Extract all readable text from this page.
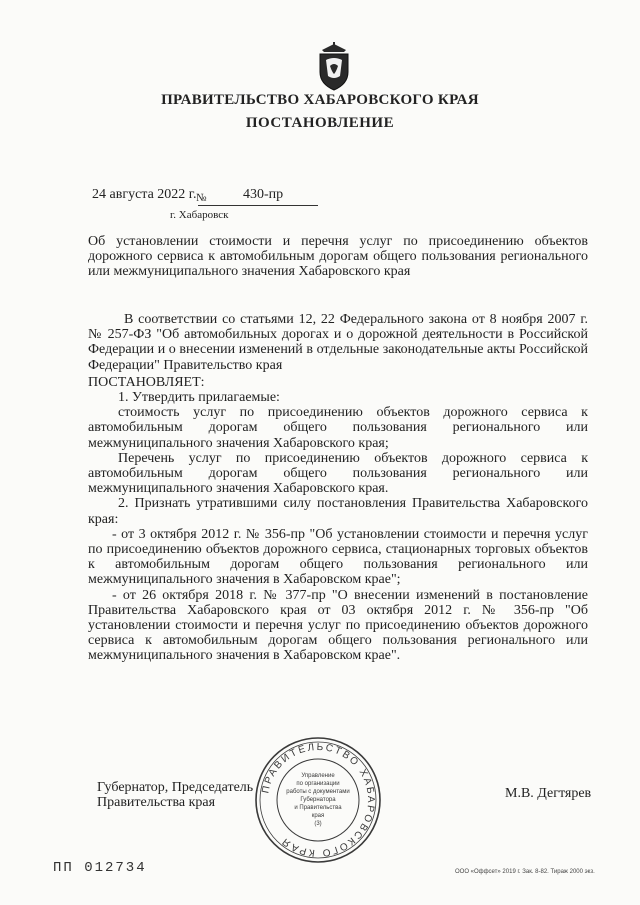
ПРАВИТЕЛЬСТВО ХАБАРОВСКОГО КРАЯ
ПОСТАНОВЛЕНИЕ
24 августа 2022 г. №	430-пр
г. Хабаровск
Об установлении стоимости и перечня услуг по присоединению объектов дорожного сервиса к автомобильным дорогам общего пользования регионального или межмуниципального значения Хабаровского края

В соответствии со статьями 12, 22 Федерального закона от 8 ноября 2007 г. № 257-ФЗ "Об автомобильных дорогах и о дорожной деятельности в Российской Федерации и о внесении изменений в отдельные законодательные акты Российской Федерации" Правительство края

ПОСТАНОВЛЯЕТ:

1. Утвердить прилагаемые:

стоимость услуг по присоединению объектов дорожного сервиса к автомобильным дорогам общего пользования регионального или межмуниципального значения Хабаровского края;

Перечень услуг по присоединению объектов дорожного сервиса к автомобильным дорогам общего пользования регионального или межмуниципального значения Хабаровского края.

2. Признать утратившими силу постановления Правительства Хабаровского края:

- от 3 октября 2012 г. № 356-пр "Об установлении стоимости и перечня услуг по присоединению объектов дорожного сервиса, стационарных торговых объектов к автомобильным дорогам общего пользования регионального или межмуниципального значения в Хабаровском крае";

- от 26 октября 2018 г. № 377-пр "О внесении изменений в постановление Правительства Хабаровского края от 03 октября 2012 г. № 356-пр "Об установлении стоимости и перечня услуг по присоединению объектов дорожного сервиса к автомобильным дорогам общего пользования регионального или межмуниципального значения в Хабаровском крае".

ПРАВИТЕЛЬСТВО ХАБАРОВСКОГО КРАЯ
Управление
по организации
работы с документами
Губернатора
и Правительства
края
(3)
Губернатор, Председатель
Правительства края
М.В. Дегтярев
ПП 012734	ООО «Оффсет» 2019 г. Зак. 8-82. Тираж 2000 экз.
